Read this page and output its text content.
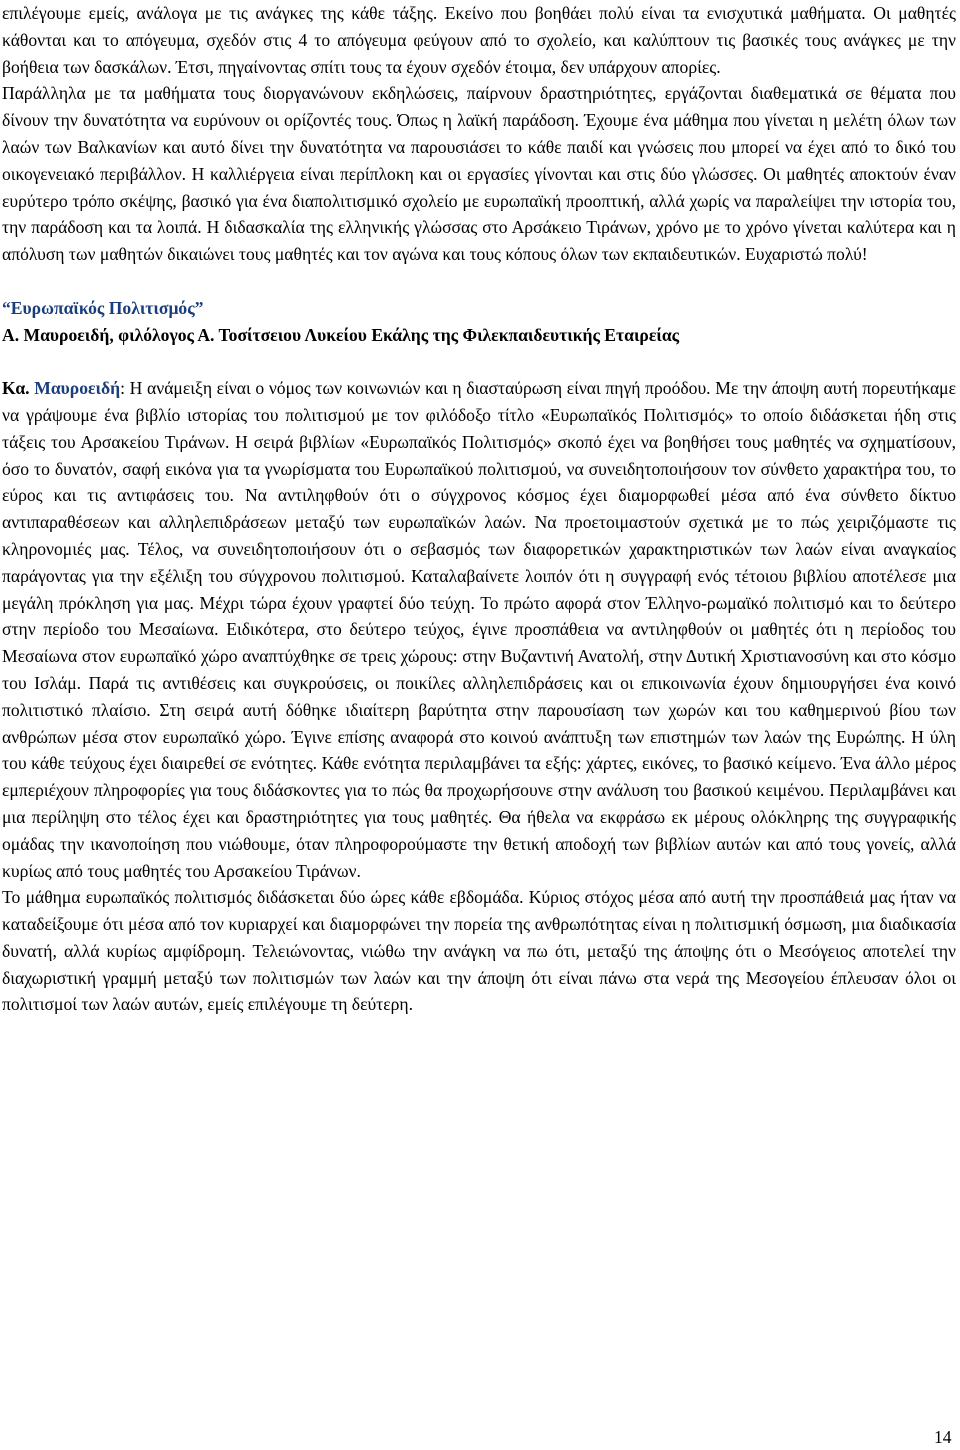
επιλέγουμε εμείς, ανάλογα με τις ανάγκες της κάθε τάξης. Εκείνο που βοηθάει πολύ είναι τα ενισχυτικά μαθήματα. Οι μαθητές κάθονται και το απόγευμα, σχεδόν στις 4 το απόγευμα φεύγουν από το σχολείο, και καλύπτουν τις βασικές τους ανάγκες με την βοήθεια των δασκάλων. Έτσι, πηγαίνοντας σπίτι τους τα έχουν σχεδόν έτοιμα, δεν υπάρχουν απορίες.

Παράλληλα με τα μαθήματα τους διοργανώνουν εκδηλώσεις, παίρνουν δραστηριότητες, εργάζονται διαθεματικά σε θέματα που δίνουν την δυνατότητα να ευρύνουν οι ορίζοντές τους. Όπως η λαϊκή παράδοση. Έχουμε ένα μάθημα που γίνεται η μελέτη όλων των λαών των Βαλκανίων και αυτό δίνει την δυνατότητα να παρουσιάσει το κάθε παιδί και γνώσεις που μπορεί να έχει από το δικό του οικογενειακό περιβάλλον. Η καλλιέργεια είναι περίπλοκη και οι εργασίες γίνονται και στις δύο γλώσσες. Οι μαθητές αποκτούν έναν ευρύτερο τρόπο σκέψης, βασικό για ένα διαπολιτισμικό σχολείο με ευρωπαϊκή προοπτική, αλλά χωρίς να παραλείψει την ιστορία του, την παράδοση και τα λοιπά. Η διδασκαλία της ελληνικής γλώσσας στο Αρσάκειο Τιράνων, χρόνο με το χρόνο γίνεται καλύτερα και η απόλυση των μαθητών δικαιώνει τους μαθητές και τον αγώνα και τους κόπους όλων των εκπαιδευτικών. Ευχαριστώ πολύ!

“Ευρωπαϊκός Πολιτισμός”

Α. Μαυροειδή, φιλόλογος Α. Τοσίτσειου Λυκείου Εκάλης της Φιλεκπαιδευτικής Εταιρείας

Κα. Μαυροειδή: Η ανάμειξη είναι ο νόμος των κοινωνιών και η διασταύρωση είναι πηγή προόδου. Με την άποψη αυτή πορευτήκαμε να γράψουμε ένα βιβλίο ιστορίας του πολιτισμού με τον φιλόδοξο τίτλο «Ευρωπαϊκός Πολιτισμός» το οποίο διδάσκεται ήδη στις τάξεις του Αρσακείου Τιράνων. Η σειρά βιβλίων «Ευρωπαϊκός Πολιτισμός» σκοπό έχει να βοηθήσει τους μαθητές να σχηματίσουν, όσο το δυνατόν, σαφή εικόνα για τα γνωρίσματα του Ευρωπαϊκού πολιτισμού, να συνειδητοποιήσουν τον σύνθετο χαρακτήρα του, το εύρος και τις αντιφάσεις του. Να αντιληφθούν ότι ο σύγχρονος κόσμος έχει διαμορφωθεί μέσα από ένα σύνθετο δίκτυο αντιπαραθέσεων και αλληλεπιδράσεων μεταξύ των ευρωπαϊκών λαών. Να προετοιμαστούν σχετικά με το πώς χειριζόμαστε τις κληρονομιές μας. Τέλος, να συνειδητοποιήσουν ότι ο σεβασμός των διαφορετικών χαρακτηριστικών των λαών είναι αναγκαίος παράγοντας για την εξέλιξη του σύγχρονου πολιτισμού. Καταλαβαίνετε λοιπόν ότι η συγγραφή ενός τέτοιου βιβλίου αποτέλεσε μια μεγάλη πρόκληση για μας. Μέχρι τώρα έχουν γραφτεί δύο τεύχη. Το πρώτο αφορά στον Έλληνο-ρωμαϊκό πολιτισμό και το δεύτερο στην περίοδο του Μεσαίωνα. Ειδικότερα, στο δεύτερο τεύχος, έγινε προσπάθεια να αντιληφθούν οι μαθητές ότι η περίοδος του Μεσαίωνα στον ευρωπαϊκό χώρο αναπτύχθηκε σε τρεις χώρους: στην Βυζαντινή Ανατολή, στην Δυτική Χριστιανοσύνη και στο κόσμο του Ισλάμ. Παρά τις αντιθέσεις και συγκρούσεις, οι ποικίλες αλληλεπιδράσεις και οι επικοινωνία έχουν δημιουργήσει ένα κοινό πολιτιστικό πλαίσιο. Στη σειρά αυτή δόθηκε ιδιαίτερη βαρύτητα στην παρουσίαση των χωρών και του καθημερινού βίου των ανθρώπων μέσα στον ευρωπαϊκό χώρο. Έγινε επίσης αναφορά στο κοινού ανάπτυξη των επιστημών των λαών της Ευρώπης. Η ύλη του κάθε τεύχους έχει διαιρεθεί σε ενότητες. Κάθε ενότητα περιλαμβάνει τα εξής: χάρτες, εικόνες, το βασικό κείμενο. Ένα άλλο μέρος εμπεριέχουν πληροφορίες για τους διδάσκοντες για το πώς θα προχωρήσουνε στην ανάλυση του βασικού κειμένου. Περιλαμβάνει και μια περίληψη στο τέλος έχει και δραστηριότητες για τους μαθητές. Θα ήθελα να εκφράσω εκ μέρους ολόκληρης της συγγραφικής ομάδας την ικανοποίηση που νιώθουμε, όταν πληροφορούμαστε την θετική αποδοχή των βιβλίων αυτών και από τους γονείς, αλλά κυρίως από τους μαθητές του Αρσακείου Τιράνων.

Το μάθημα ευρωπαϊκός πολιτισμός διδάσκεται δύο ώρες κάθε εβδομάδα. Κύριος στόχος μέσα από αυτή την προσπάθειά μας ήταν να καταδείξουμε ότι μέσα από τον κυριαρχεί και διαμορφώνει την πορεία της ανθρωπότητας είναι η πολιτισμική όσμωση, μια διαδικασία δυνατή, αλλά κυρίως αμφίδρομη. Τελειώνοντας, νιώθω την ανάγκη να πω ότι, μεταξύ της άποψης ότι ο Μεσόγειος αποτελεί την διαχωριστική γραμμή μεταξύ των πολιτισμών των λαών και την άποψη ότι είναι πάνω στα νερά της Μεσογείου έπλευσαν όλοι οι πολιτισμοί των λαών αυτών, εμείς επιλέγουμε τη δεύτερη.

14
